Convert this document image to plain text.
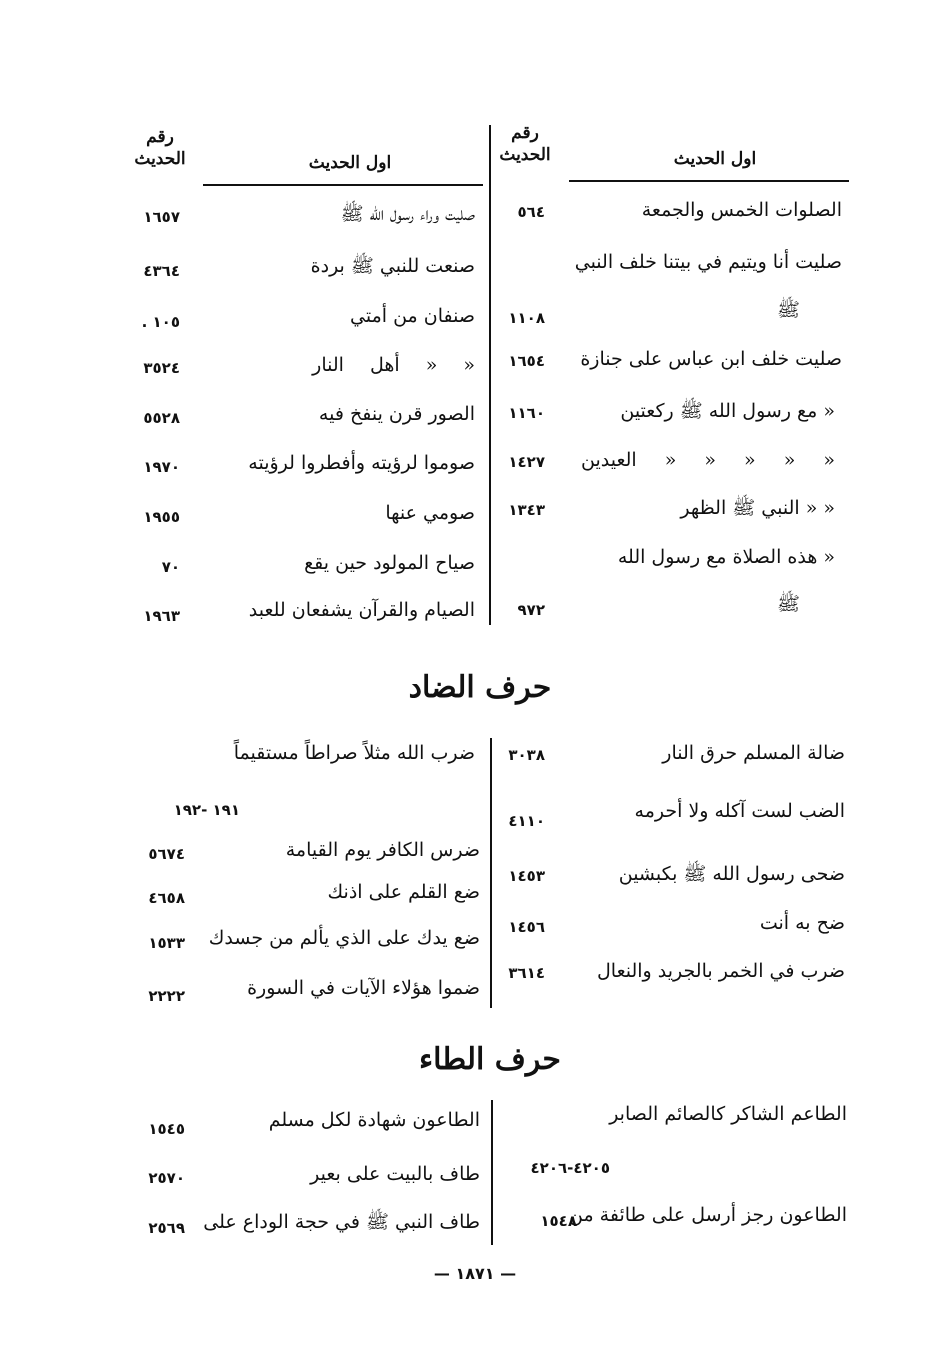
رقم
الحديث	اول الحديث
رقم
الحديث	اول الحديث
الصلوات الخمس والجمعة
٥٦٤
صليت أنا ويتيم في بيتنا خلف النبي
ﷺ
١١٠٨
صليت خلف ابن عباس على جنازة
١٦٥٤
« مع رسول الله ﷺ ركعتين
١١٦٠
« « « « « العيدين
١٤٢٧
« « النبي ﷺ الظهر
١٣٤٣
« هذه الصلاة مع رسول الله
ﷺ
٩٧٢
صليت وراء رسول الله ﷺ
١٦٥٧
صنعت للنبي ﷺ بردة
٤٣٦٤
صنفان من أمتي
١٠٥ .
« « أهل النار
٣٥٢٤
الصور قرن ينفخ فيه
٥٥٢٨
صوموا لرؤيته وأفطروا لرؤيته
١٩٧٠
صومي عنها
١٩٥٥
صياح المولود حين يقع
٧٠
الصيام والقرآن يشفعان للعبد
١٩٦٣
حرف الضاد
ضالة المسلم حرق النار
٣٠٣٨
الضب لست آكله ولا أحرمه
٤١١٠
ضحى رسول الله ﷺ بكبشين
١٤٥٣
ضح به أنت
١٤٥٦
ضرب في الخمر بالجريد والنعال
٣٦١٤
ضرب الله مثلاً صراطاً مستقيماً
١٩١ -١٩٢
ضرس الكافر يوم القيامة
٥٦٧٤
ضع القلم على اذنك
٤٦٥٨
ضع يدك على الذي يألم من جسدك
١٥٣٣
ضموا هؤلاء الآيات في السورة
٢٢٢٢
حرف الطاء
الطاعم الشاكر كالصائم الصابر
٤٢٠٥-٤٢٠٦
الطاعون رجز أرسل على طائفة من
١٥٤٨
الطاعون شهادة لكل مسلم
١٥٤٥
طاف بالبيت على بعير
٢٥٧٠
طاف النبي ﷺ في حجة الوداع على
٢٥٦٩
— ١٨٧١ —
